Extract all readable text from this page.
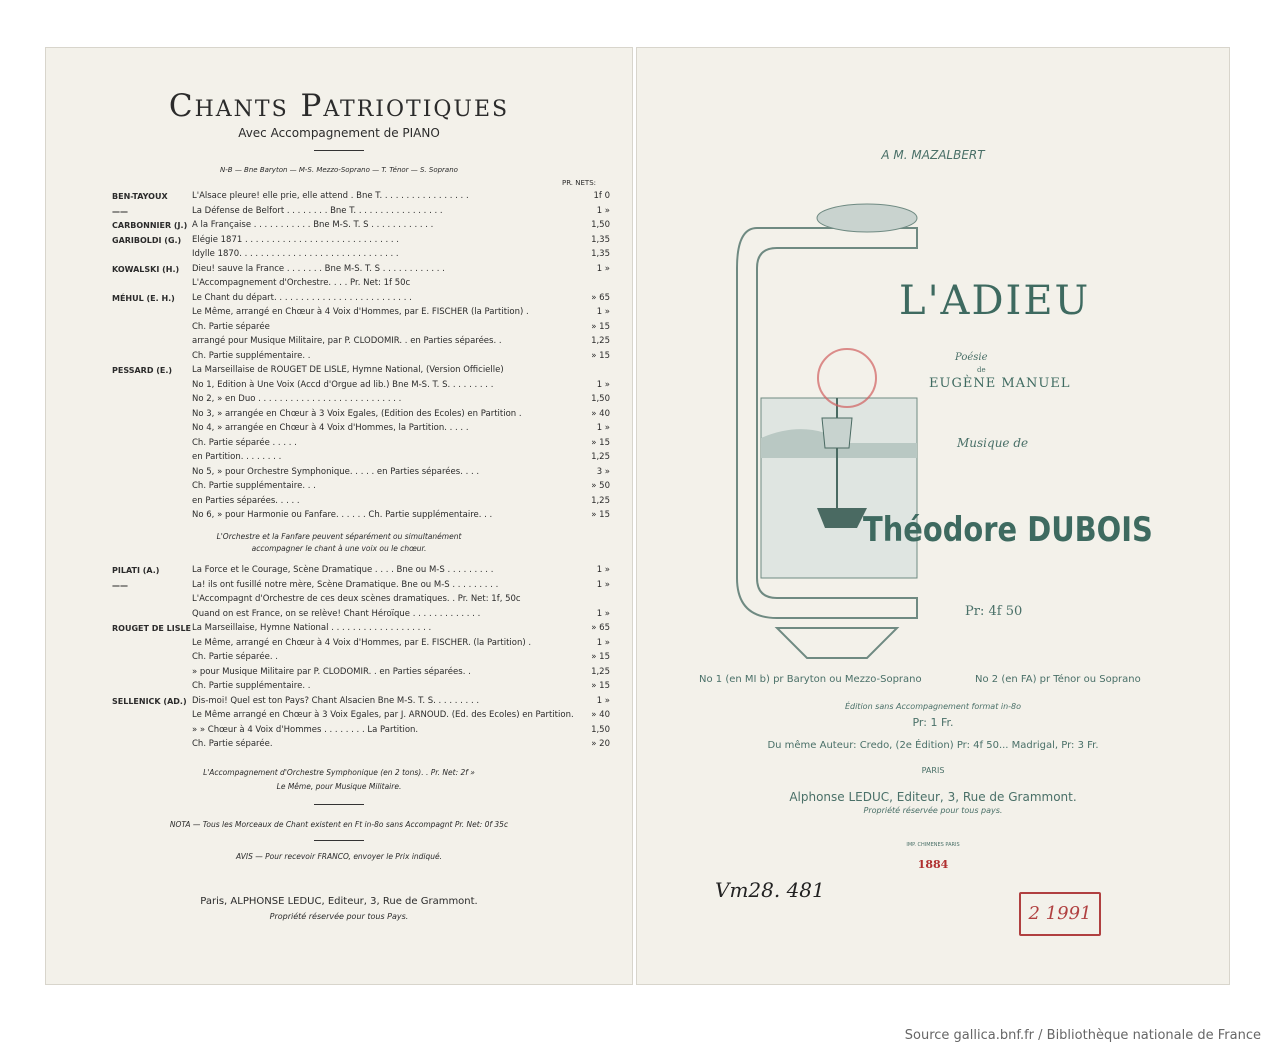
Chants Patriotiques
Avec Accompagnement de PIANO
N-B — Bne Baryton — M-S. Mezzo-Soprano — T. Ténor — S. Soprano
PR. NETS:
BEN-TAYOUX	L'Alsace pleure! elle prie, elle attend . Bne T. . . . . . . . . . . . . . . . .	1f 0
——	La Défense de Belfort . . . . . . . . Bne T. . . . . . . . . . . . . . . . .	1 »
CARBONNIER (J.) A la Française . . . . . . . . . . . Bne M-S. T. S . . . . . . . . . . . .	1,50
GARIBOLDI (G.) Elégie 1871 . . . . . . . . . . . . . . . . . . . . . . . . . . . . .	1,35
Idylle 1870. . . . . . . . . . . . . . . . . . . . . . . . . . . . . .	1,35
KOWALSKI (H.) Dieu! sauve la France . . . . . . . Bne M-S. T. S . . . . . . . . . . . .	1 »
L'Accompagnement d'Orchestre. . . . Pr. Net: 1f 50c
MÉHUL (E. H.) Le Chant du départ. . . . . . . . . . . . . . . . . . . . . . . . . .	» 65
Le Même, arrangé en Chœur à 4 Voix d'Hommes, par E. FISCHER (la Partition) .	1 »
Ch. Partie séparée	» 15
arrangé pour Musique Militaire, par P. CLODOMIR. . en Parties séparées. .	1,25
Ch. Partie supplémentaire. .	» 15
PESSARD (E.) La Marseillaise de ROUGET DE LISLE, Hymne National, (Version Officielle)
No 1, Edition à Une Voix (Accd d'Orgue ad lib.) Bne M-S. T. S. . . . . . . . .	1 »
No 2, » en Duo . . . . . . . . . . . . . . . . . . . . . . . . . . .	1,50
No 3, » arrangée en Chœur à 3 Voix Egales, (Edition des Ecoles) en Partition .	» 40
No 4, » arrangée en Chœur à 4 Voix d'Hommes, la Partition. . . . .	1 »
Ch. Partie séparée . . . . .	» 15
en Partition. . . . . . . .	1,25
No 5, » pour Orchestre Symphonique. . . . . en Parties séparées. . . .	3 »
Ch. Partie supplémentaire. . .	» 50
en Parties séparées. . . . .	1,25
No 6, » pour Harmonie ou Fanfare. . . . . . Ch. Partie supplémentaire. . .	» 15
L'Orchestre et la Fanfare peuvent séparément ou simultanément
accompagner le chant à une voix ou le chœur.
PILATI (A.)	La Force et le Courage, Scène Dramatique . . . . Bne ou M-S . . . . . . . . .	1 »
——	La! ils ont fusillé notre mère, Scène Dramatique. Bne ou M-S . . . . . . . . .	1 »
L'Accompagnt d'Orchestre de ces deux scènes dramatiques. . Pr. Net: 1f, 50c
Quand on est France, on se relève! Chant Héroïque . . . . . . . . . . . . .	1 »
ROUGET DE LISLE La Marseillaise, Hymne National . . . . . . . . . . . . . . . . . . .	» 65
Le Même, arrangé en Chœur à 4 Voix d'Hommes, par E. FISCHER. (la Partition) .	1 »
Ch. Partie séparée. .	» 15
» pour Musique Militaire par P. CLODOMIR. . en Parties séparées. .	1,25
Ch. Partie supplémentaire. .	» 15
SELLENICK (AD.) Dis-moi! Quel est ton Pays? Chant Alsacien Bne M-S. T. S. . . . . . . . .	1 »
Le Même arrangé en Chœur à 3 Voix Egales, par J. ARNOUD. (Ed. des Ecoles) en Partition. » 40
» » Chœur à 4 Voix d'Hommes . . . . . . . . La Partition.	1,50
Ch. Partie séparée.	» 20
L'Accompagnement d'Orchestre Symphonique (en 2 tons). . Pr. Net: 2f »
Le Même, pour Musique Militaire.
NOTA — Tous les Morceaux de Chant existent en Ft in-8o sans Accompagnt Pr. Net: 0f 35c
AVIS — Pour recevoir FRANCO, envoyer le Prix indiqué.
Paris, ALPHONSE LEDUC, Editeur, 3, Rue de Grammont.
Propriété réservée pour tous Pays.
A M. MAZALBERT
L'ADIEU
Poésie
de
EUGÈNE MANUEL
Musique de
Théodore DUBOIS
Pr: 4f 50
No 1 (en MI b) pr Baryton ou Mezzo-Soprano	No 2 (en FA) pr Ténor ou Soprano
Édition sans Accompagnement format in-8o
Pr: 1 Fr.
Du même Auteur: Credo, (2e Édition) Pr: 4f 50... Madrigal, Pr: 3 Fr.
PARIS
Alphonse LEDUC, Editeur, 3, Rue de Grammont.
Propriété réservée pour tous pays.
IMP. CHIMENES PARIS
1884
Vm28. 481
2 1991
Source gallica.bnf.fr / Bibliothèque nationale de France
